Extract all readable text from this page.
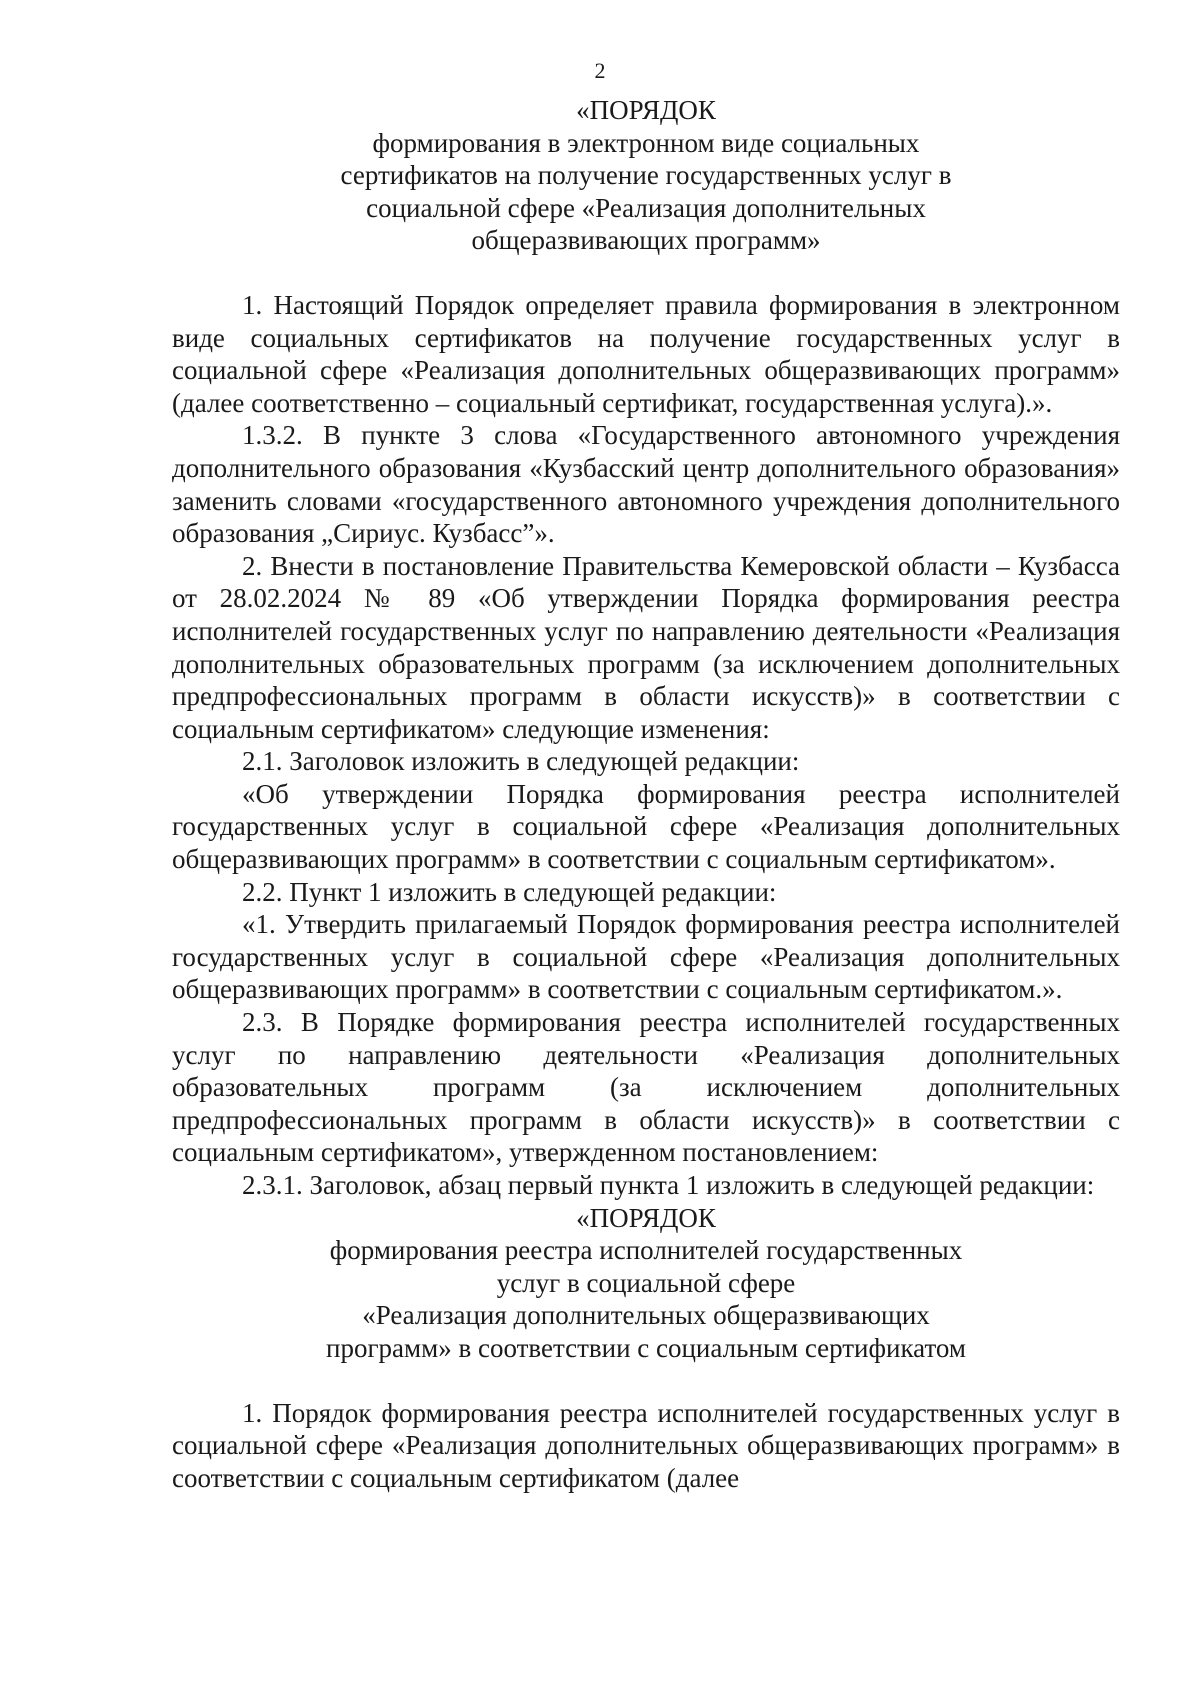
2
«ПОРЯДОК
формирования в электронном виде социальных
сертификатов на получение государственных услуг в
социальной сфере «Реализация дополнительных
общеразвивающих программ»

1. Настоящий Порядок определяет правила формирования в электронном виде социальных сертификатов на получение государственных услуг в социальной сфере «Реализация дополнительных общеразвивающих программ» (далее соответственно – социальный сертификат, государственная услуга).».

1.3.2. В пункте 3 слова «Государственного автономного учреждения дополнительного образования «Кузбасский центр дополнительного образования» заменить словами «государственного автономного учреждения дополнительного образования „Сириус. Кузбасс”».

2. Внести в постановление Правительства Кемеровской области – Кузбасса от 28.02.2024 № 89 «Об утверждении Порядка формирования реестра исполнителей государственных услуг по направлению деятельности «Реализация дополнительных образовательных программ (за исключением дополнительных предпрофессиональных программ в области искусств)» в соответствии с социальным сертификатом» следующие изменения:

2.1. Заголовок изложить в следующей редакции:

«Об утверждении Порядка формирования реестра исполнителей государственных услуг в социальной сфере «Реализация дополнительных общеразвивающих программ» в соответствии с социальным сертификатом».

2.2. Пункт 1 изложить в следующей редакции:

«1. Утвердить прилагаемый Порядок формирования реестра исполнителей государственных услуг в социальной сфере «Реализация дополнительных общеразвивающих программ» в соответствии с социальным сертификатом.».

2.3. В Порядке формирования реестра исполнителей государственных услуг по направлению деятельности «Реализация дополнительных образовательных программ (за исключением дополнительных предпрофессиональных программ в области искусств)» в соответствии с социальным сертификатом», утвержденном постановлением:

2.3.1. Заголовок, абзац первый пункта 1 изложить в следующей редакции:

«ПОРЯДОК
формирования реестра исполнителей государственных
услуг в социальной сфере
«Реализация дополнительных общеразвивающих
программ» в соответствии с социальным сертификатом

1. Порядок формирования реестра исполнителей государственных услуг в социальной сфере «Реализация дополнительных общеразвивающих программ» в соответствии с социальным сертификатом (далее
